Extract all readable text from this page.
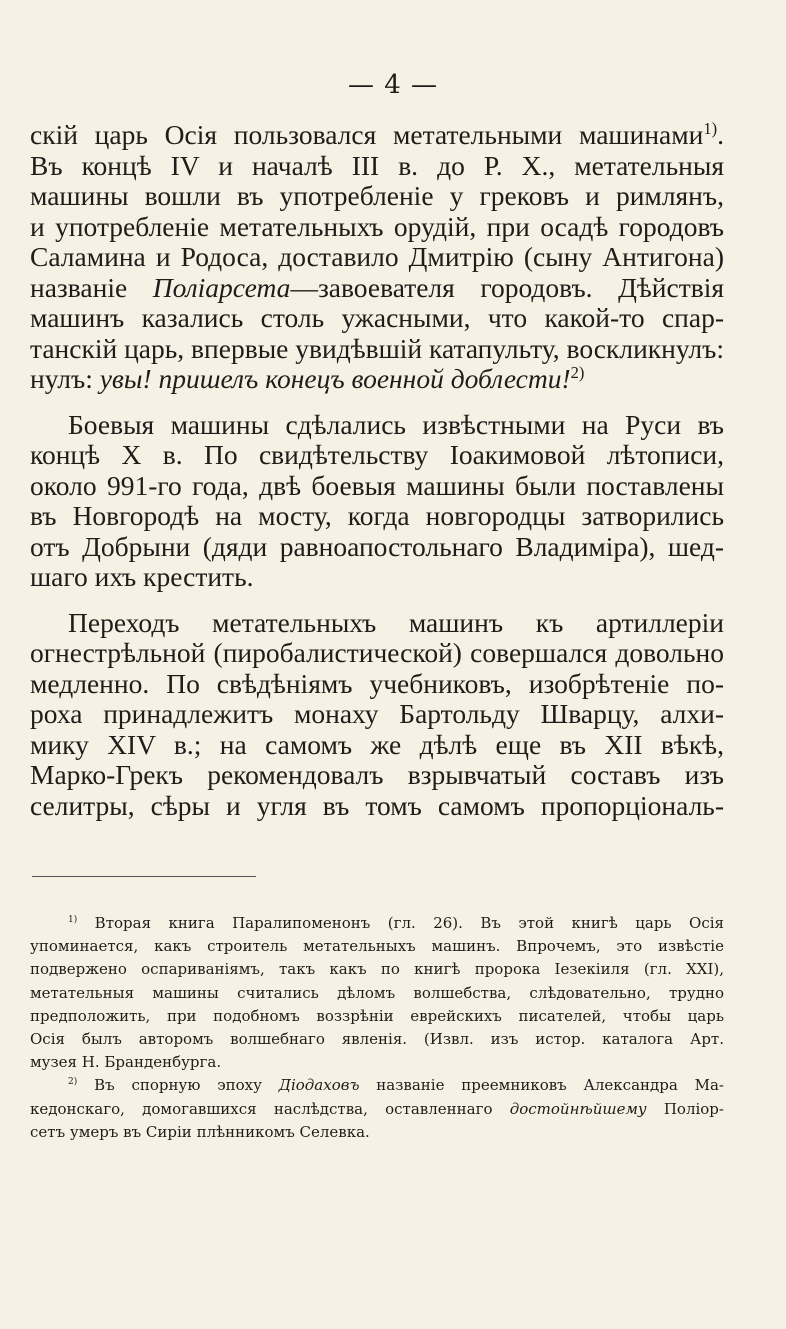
— 4 —

скій царь Осія пользовался метательными машинами$^{1)}$.
Въ концѣ IV и началѣ III в. до Р. Х., метательныя
машины вошли въ употребленіе у грековъ и римлянъ,
и употребленіе метательныхъ орудій, при осадѣ городовъ
Саламина и Родоса, доставило Дмитрію (сыну Антигона)
названіе Поліарсета—завоевателя городовъ. Дѣйствія
машинъ казались столь ужасными, что какой-то спар-
танскій царь, впервые увидѣвшій катапульту, воскликнулъ:
нулъ: увы! пришелъ конецъ военной доблести!$^{2)}$

Боевыя машины сдѣлались извѣстными на Руси въ
концѣ X в. По свидѣтельству Іоакимовой лѣтописи,
около 991-го года, двѣ боевыя машины были поставлены
въ Новгородѣ на мосту, когда новгородцы затворились
отъ Добрыни (дяди равноапостольнаго Владиміра), шед-
шаго ихъ крестить.

Переходъ метательныхъ машинъ къ артиллеріи
огнестрѣльной (пиробалистической) совершался довольно
медленно. По свѣдѣніямъ учебниковъ, изобрѣтеніе по-
роха принадлежитъ монаху Бартольду Шварцу, алхи-
мику XIV в.; на самомъ же дѣлѣ еще въ XII вѣкѣ,
Марко-Грекъ рекомендовалъ взрывчатый составъ изъ
селитры, сѣры и угля въ томъ самомъ пропорціональ-

$^{1)}$ Вторая книга Паралипоменонъ (гл. 26). Въ этой книгѣ царь Осія
упоминается, какъ строитель метательныхъ машинъ. Впрочемъ, это извѣстіе
подвержено оспариваніямъ, такъ какъ по книгѣ пророка Іезекіиля (гл. XXI),
метательныя машины считались дѣломъ волшебства, слѣдовательно, трудно
предположить, при подобномъ воззрѣніи еврейскихъ писателей, чтобы царь
Осія былъ авторомъ волшебнаго явленія. (Извл. изъ истор. каталога Арт.
музея Н. Бранденбурга.

$^{2)}$ Въ спорную эпоху Діодаховъ названіе преемниковъ Александра Ма-
кедонскаго, домогавшихся наслѣдства, оставленнаго достойнѣйшему Поліор-
сетъ умеръ въ Сиріи плѣнникомъ Селевка.
